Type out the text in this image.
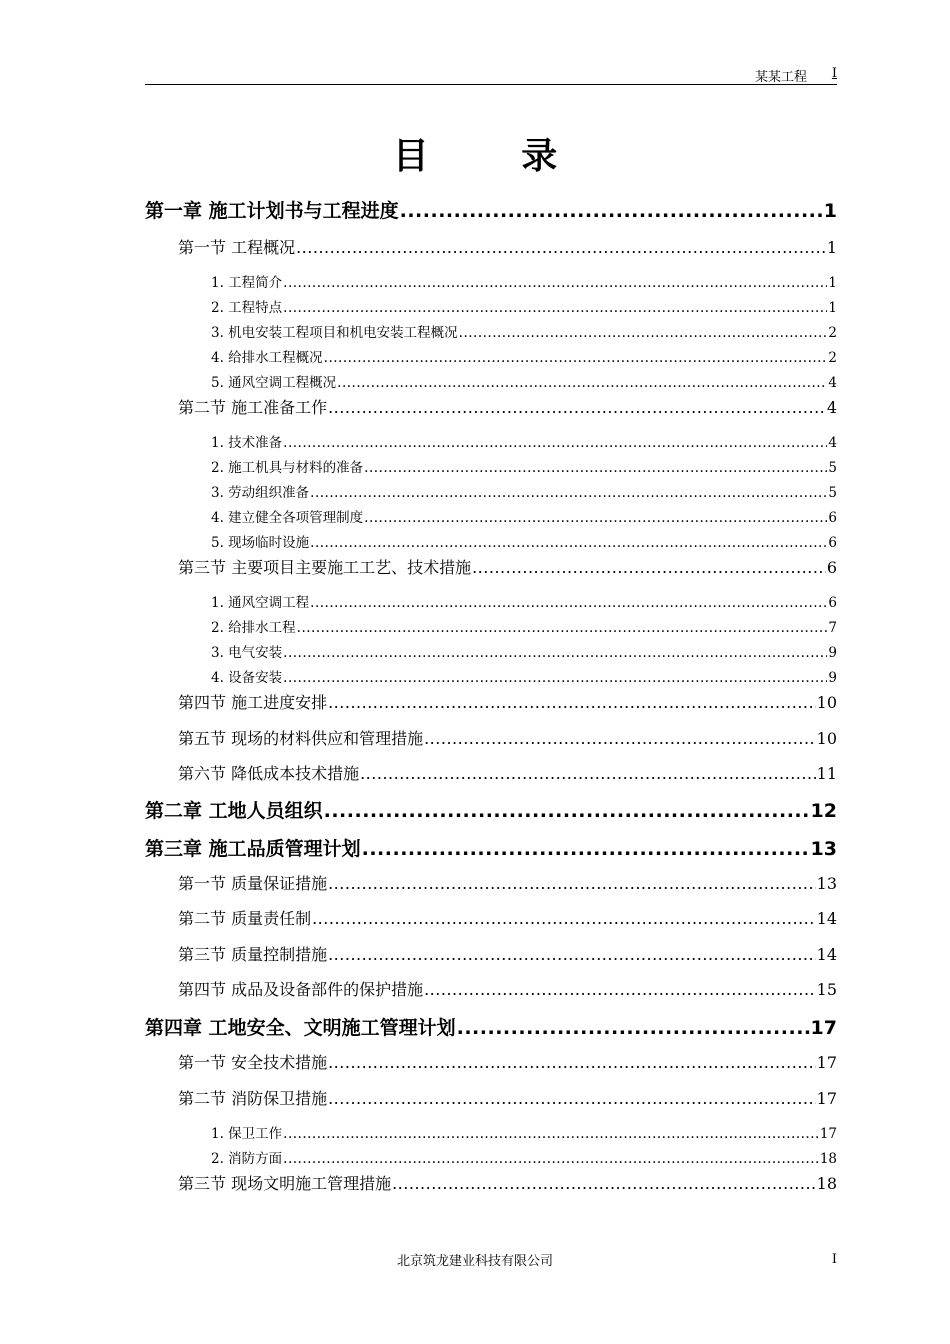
某某工程 I
目 录
第一章 施工计划书与工程进度 .....	1
第一节 工程概况 .....	1
1. 工程简介 .....	1
2. 工程特点 .....	1
3. 机电安装工程项目和机电安装工程概况 .....	2
4. 给排水工程概况 .....	2
5. 通风空调工程概况 .....	4
第二节 施工准备工作 .....	4
1. 技术准备 .....	4
2. 施工机具与材料的准备 .....	5
3. 劳动组织准备 .....	5
4. 建立健全各项管理制度 .....	6
5. 现场临时设施 .....	6
第三节 主要项目主要施工工艺、技术措施 .....	6
1. 通风空调工程 .....	6
2. 给排水工程 .....	7
3. 电气安装 .....	9
4. 设备安装 .....	9
第四节 施工进度安排 .....	10
第五节 现场的材料供应和管理措施 .....	10
第六节 降低成本技术措施 .....	11
第二章 工地人员组织 .....	12
第三章 施工品质管理计划 .....	13
第一节 质量保证措施 .....	13
第二节 质量责任制 .....	14
第三节 质量控制措施 .....	14
第四节 成品及设备部件的保护措施 .....	15
第四章 工地安全、文明施工管理计划 .....	17
第一节 安全技术措施 .....	17
第二节 消防保卫措施 .....	17
1. 保卫工作 .....	17
2. 消防方面 .....	18
第三节 现场文明施工管理措施 .....	18
北京筑龙建业科技有限公司	I
